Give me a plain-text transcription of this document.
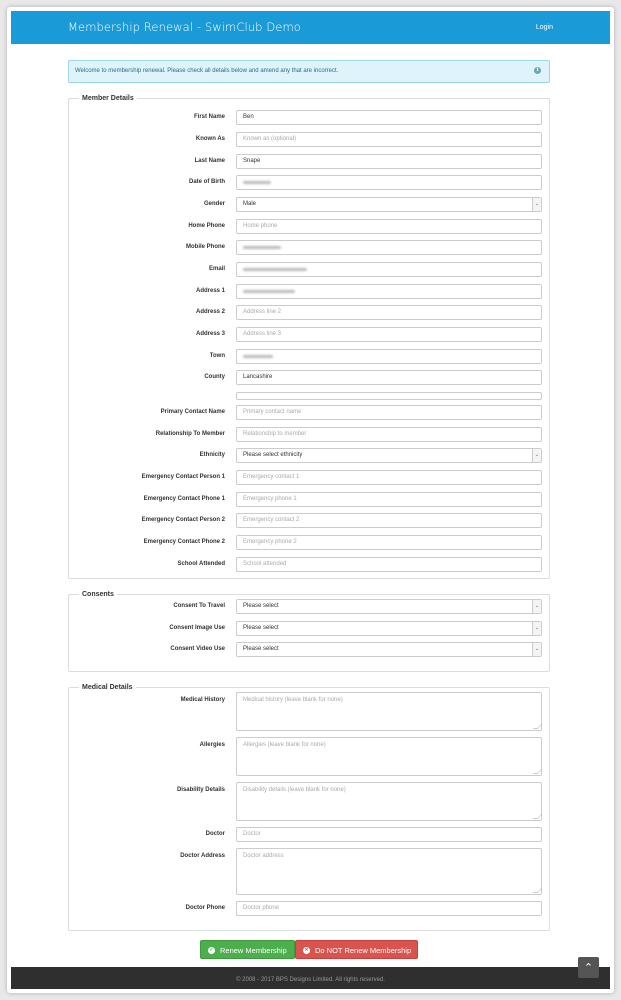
Membership Renewal - SwimClub Demo	Login
Welcome to membership renewal. Please check all details below and amend any that are incorrect.	i
Member Details
First Name	Ben
Known As	Known as (optional)
Last Name	Snape
Date of Birth
Gender	Male	⌄
Home Phone	Home phone
Mobile Phone
Email
Address 1
Address 2	Address line 2
Address 3	Address line 3
Town
County	Lancashire
Primary Contact Name	Primary contact name
Relationship To Member	Relationship to member
Ethnicity	Please select ethnicity	⌄
Emergency Contact Person 1	Emergency contact 1
Emergency Contact Phone 1	Emergency phone 1
Emergency Contact Person 2	Emergency contact 2
Emergency Contact Phone 2	Emergency phone 2
School Attended	School attended
Consents
Consent To Travel	Please select	⌄
Consent Image Use	Please select	⌄
Consent Video Use	Please select	⌄
Medical Details
Medical History	Medical history (leave blank for none)
Allergies	Allergies (leave blank for none)
Disability Details	Disability details (leave blank for none)
Doctor	Doctor
Doctor Address	Doctor address
Doctor Phone	Doctor phone
✓ Renew Membership	✕ Do NOT Renew Membership
© 2008 - 2017 BPS Designs Limited. All rights reserved.
⌃
